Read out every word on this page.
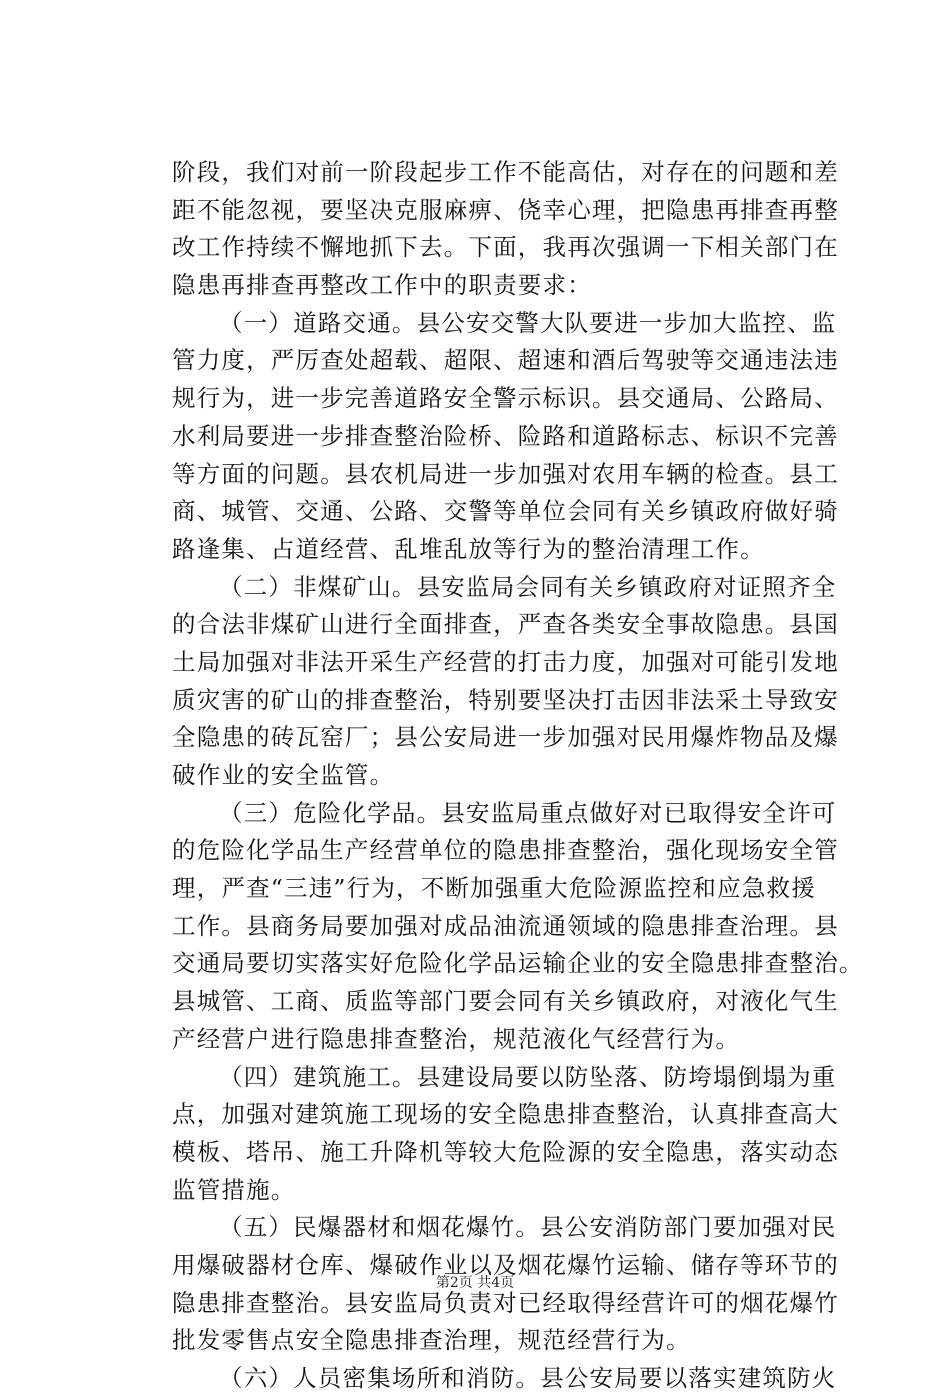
阶段，我们对前一阶段起步工作不能高估，对存在的问题和差
距不能忽视，要坚决克服麻痹、侥幸心理，把隐患再排查再整
改工作持续不懈地抓下去。下面，我再次强调一下相关部门在
隐患再排查再整改工作中的职责要求：
（一）道路交通。县公安交警大队要进一步加大监控、监
管力度，严厉查处超载、超限、超速和酒后驾驶等交通违法违
规行为，进一步完善道路安全警示标识。县交通局、公路局、
水利局要进一步排查整治险桥、险路和道路标志、标识不完善
等方面的问题。县农机局进一步加强对农用车辆的检查。县工
商、城管、交通、公路、交警等单位会同有关乡镇政府做好骑
路逢集、占道经营、乱堆乱放等行为的整治清理工作。
（二）非煤矿山。县安监局会同有关乡镇政府对证照齐全
的合法非煤矿山进行全面排查，严查各类安全事故隐患。县国
土局加强对非法开采生产经营的打击力度，加强对可能引发地
质灾害的矿山的排查整治，特别要坚决打击因非法采土导致安
全隐患的砖瓦窑厂；县公安局进一步加强对民用爆炸物品及爆
破作业的安全监管。
（三）危险化学品。县安监局重点做好对已取得安全许可
的危险化学品生产经营单位的隐患排查整治，强化现场安全管
理，严查“三违”行为，不断加强重大危险源监控和应急救援
工作。县商务局要加强对成品油流通领域的隐患排查治理。县
交通局要切实落实好危险化学品运输企业的安全隐患排查整治。
县城管、工商、质监等部门要会同有关乡镇政府，对液化气生
产经营户进行隐患排查整治，规范液化气经营行为。
（四）建筑施工。县建设局要以防坠落、防垮塌倒塌为重
点，加强对建筑施工现场的安全隐患排查整治，认真排查高大
模板、塔吊、施工升降机等较大危险源的安全隐患，落实动态
监管措施。
（五）民爆器材和烟花爆竹。县公安消防部门要加强对民
用爆破器材仓库、爆破作业以及烟花爆竹运输、储存等环节的
隐患排查整治。县安监局负责对已经取得经营许可的烟花爆竹
批发零售点安全隐患排查治理，规范经营行为。
（六）人员密集场所和消防。县公安局要以落实建筑防火
第2页 共4页
